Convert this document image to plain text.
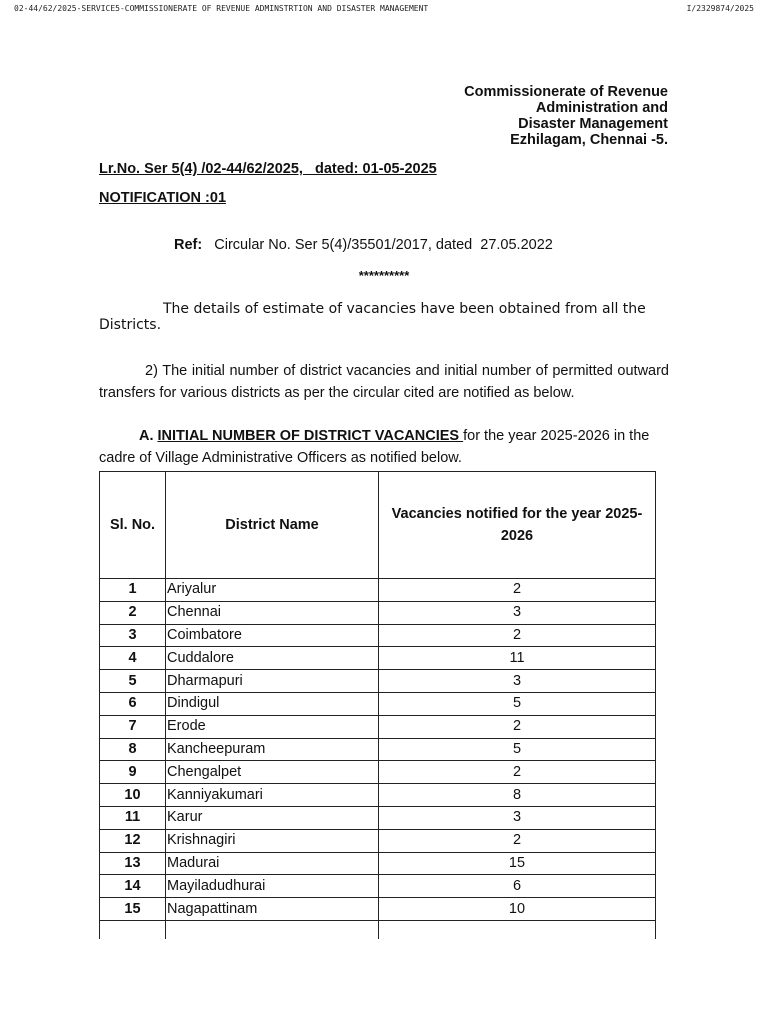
02-44/62/2025-SERVICE5-COMMISSIONERATE OF REVENUE ADMINSTRTION AND DISASTER MANAGEMENT	I/2329874/2025
Commissionerate of Revenue
Administration and
Disaster Management
Ezhilagam, Chennai -5.
Lr.No. Ser 5(4) /02-44/62/2025,   dated: 01-05-2025
NOTIFICATION :01
Ref:   Circular No. Ser 5(4)/35501/2017, dated  27.05.2022
**********
The details of estimate of vacancies have been obtained from all the Districts.
2) The initial number of district vacancies and initial number of permitted outward transfers for various districts as per the circular cited are notified as below.
A. INITIAL NUMBER OF DISTRICT VACANCIES for the year 2025-2026 in the cadre of Village Administrative Officers as notified below.
Sl. No.	District Name	Vacancies notified for the year 2025-2026
1	Ariyalur	2
2	Chennai	3
3	Coimbatore	2
4	Cuddalore	11
5	Dharmapuri	3
6	Dindigul	5
7	Erode	2
8	Kancheepuram	5
9	Chengalpet	2
10	Kanniyakumari	8
11	Karur	3
12	Krishnagiri	2
13	Madurai	15
14	Mayiladudhurai	6
15	Nagapattinam	10
